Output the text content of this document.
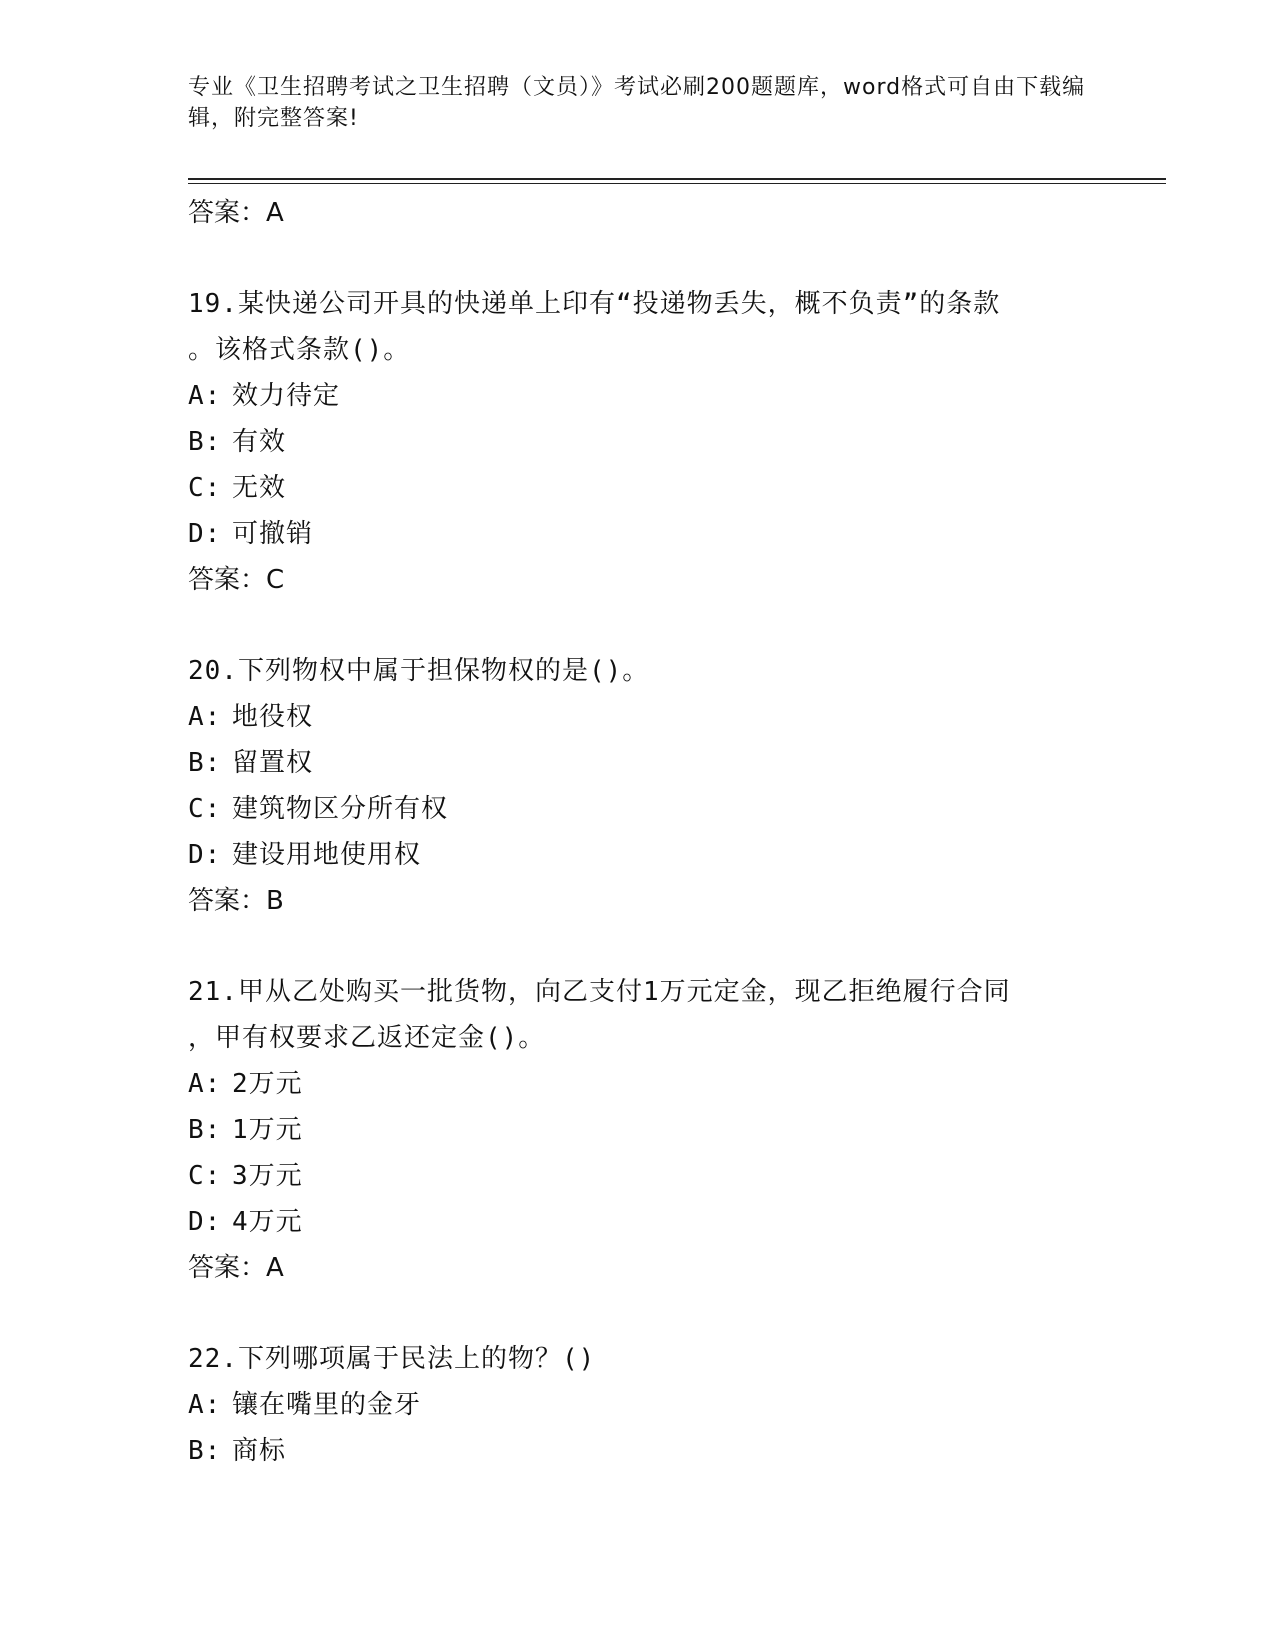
专业《卫生招聘考试之卫生招聘（文员）》考试必刷200题题库，word格式可自由下载编辑，附完整答案!
答案：A
19.某快递公司开具的快递单上印有“投递物丢失，概不负责”的条款
。该格式条款()。
A: 效力待定
B: 有效
C: 无效
D: 可撤销
答案：C
20.下列物权中属于担保物权的是()。
A: 地役权
B: 留置权
C: 建筑物区分所有权
D: 建设用地使用权
答案：B
21.甲从乙处购买一批货物，向乙支付1万元定金，现乙拒绝履行合同
，甲有权要求乙返还定金()。
A: 2万元
B: 1万元
C: 3万元
D: 4万元
答案：A
22.下列哪项属于民法上的物？()
A: 镶在嘴里的金牙
B: 商标
